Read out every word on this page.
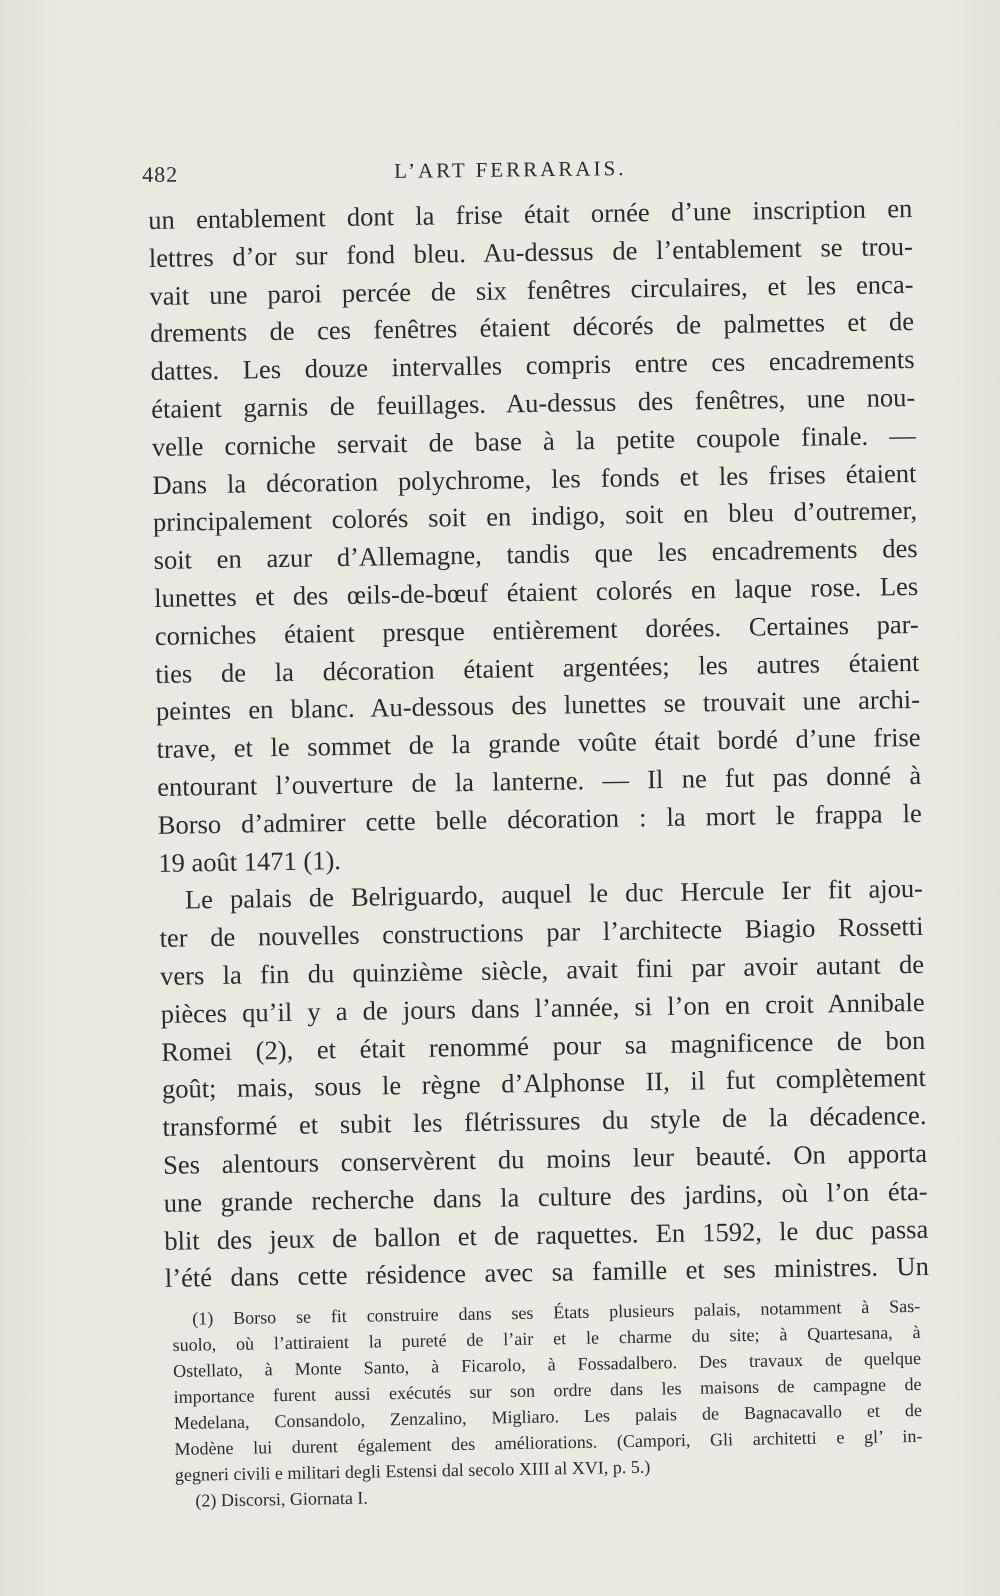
482	L’ART FERRARAIS.
un entablement dont la frise était ornée d’une inscription en
lettres d’or sur fond bleu. Au-dessus de l’entablement se trou-
vait une paroi percée de six fenêtres circulaires, et les enca-
drements de ces fenêtres étaient décorés de palmettes et de
dattes. Les douze intervalles compris entre ces encadrements
étaient garnis de feuillages. Au-dessus des fenêtres, une nou-
velle corniche servait de base à la petite coupole finale. —
Dans la décoration polychrome, les fonds et les frises étaient
principalement colorés soit en indigo, soit en bleu d’outremer,
soit en azur d’Allemagne, tandis que les encadrements des
lunettes et des œils-de-bœuf étaient colorés en laque rose. Les
corniches étaient presque entièrement dorées. Certaines par-
ties de la décoration étaient argentées; les autres étaient
peintes en blanc. Au-dessous des lunettes se trouvait une archi-
trave, et le sommet de la grande voûte était bordé d’une frise
entourant l’ouverture de la lanterne. — Il ne fut pas donné à
Borso d’admirer cette belle décoration : la mort le frappa le
19 août 1471 (1).
Le palais de Belriguardo, auquel le duc Hercule Ier fit ajou-
ter de nouvelles constructions par l’architecte Biagio Rossetti
vers la fin du quinzième siècle, avait fini par avoir autant de
pièces qu’il y a de jours dans l’année, si l’on en croit Annibale
Romei (2), et était renommé pour sa magnificence de bon
goût; mais, sous le règne d’Alphonse II, il fut complètement
transformé et subit les flétrissures du style de la décadence.
Ses alentours conservèrent du moins leur beauté. On apporta
une grande recherche dans la culture des jardins, où l’on éta-
blit des jeux de ballon et de raquettes. En 1592, le duc passa
l’été dans cette résidence avec sa famille et ses ministres. Un
(1) Borso se fit construire dans ses États plusieurs palais, notamment à Sas-
suolo, où l’attiraient la pureté de l’air et le charme du site; à Quartesana, à
Ostellato, à Monte Santo, à Ficarolo, à Fossadalbero. Des travaux de quelque
importance furent aussi exécutés sur son ordre dans les maisons de campagne de
Medelana, Consandolo, Zenzalino, Migliaro. Les palais de Bagnacavallo et de
Modène lui durent également des améliorations. (Campori, Gli architetti e gl’ in-
gegneri civili e militari degli Estensi dal secolo XIII al XVI, p. 5.)
(2) Discorsi, Giornata I.
